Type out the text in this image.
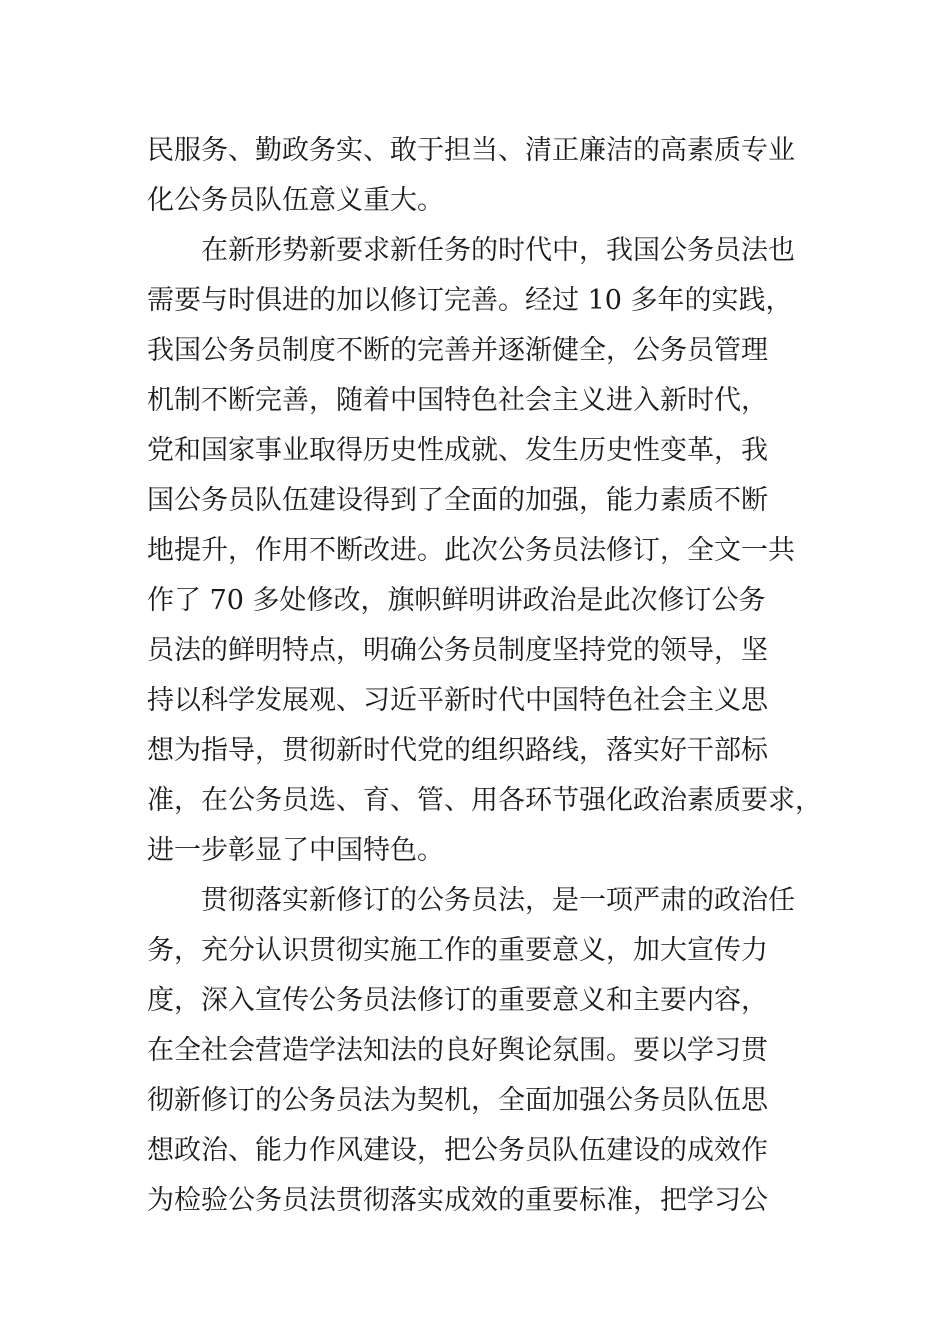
民服务、勤政务实、敢于担当、清正廉洁的高素质专业
化公务员队伍意义重大。
　　在新形势新要求新任务的时代中，我国公务员法也
需要与时俱进的加以修订完善。经过 10 多年的实践，
我国公务员制度不断的完善并逐渐健全，公务员管理
机制不断完善，随着中国特色社会主义进入新时代，
党和国家事业取得历史性成就、发生历史性变革，我
国公务员队伍建设得到了全面的加强，能力素质不断
地提升，作用不断改进。此次公务员法修订，全文一共
作了 70 多处修改，旗帜鲜明讲政治是此次修订公务
员法的鲜明特点，明确公务员制度坚持党的领导，坚
持以科学发展观、习近平新时代中国特色社会主义思
想为指导，贯彻新时代党的组织路线，落实好干部标
准，在公务员选、育、管、用各环节强化政治素质要求，
进一步彰显了中国特色。
　　贯彻落实新修订的公务员法，是一项严肃的政治任
务，充分认识贯彻实施工作的重要意义，加大宣传力
度，深入宣传公务员法修订的重要意义和主要内容，
在全社会营造学法知法的良好舆论氛围。要以学习贯
彻新修订的公务员法为契机，全面加强公务员队伍思
想政治、能力作风建设，把公务员队伍建设的成效作
为检验公务员法贯彻落实成效的重要标准，把学习公
